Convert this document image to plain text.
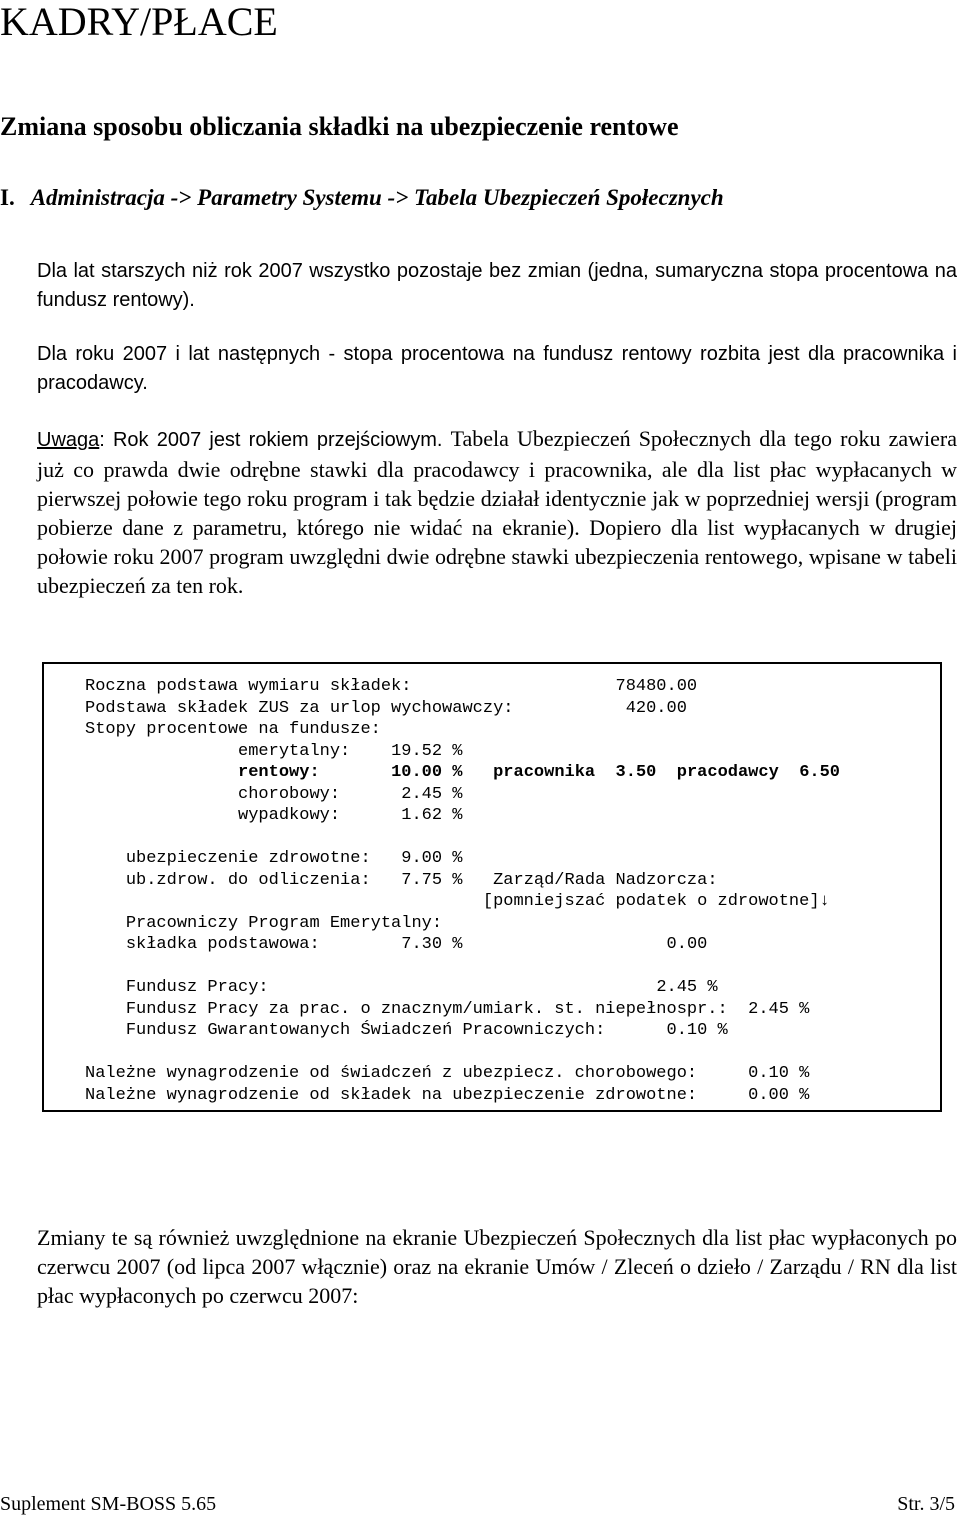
KADRY/PŁACE
Zmiana sposobu obliczania składki na ubezpieczenie rentowe
I. Administracja -> Parametry Systemu -> Tabela Ubezpieczeń Społecznych
Dla lat starszych niż rok 2007 wszystko pozostaje bez zmian (jedna, sumaryczna stopa procentowa na fundusz rentowy).
Dla roku 2007 i lat następnych - stopa procentowa na fundusz rentowy rozbita jest dla pracownika i pracodawcy.
Uwaga: Rok 2007 jest rokiem przejściowym. Tabela Ubezpieczeń Społecznych dla tego roku zawiera już co prawda dwie odrębne stawki dla pracodawcy i pracownika, ale dla list płac wypłacanych w pierwszej połowie tego roku program i tak będzie działał identycznie jak w poprzedniej wersji (program pobierze dane z parametru, którego nie widać na ekranie). Dopiero dla list wypłacanych w drugiej połowie roku 2007 program uwzględni dwie odrębne stawki ubezpieczenia rentowego, wpisane w tabeli ubezpieczeń za ten rok.
Roczna podstawa wymiaru składek:	78480.00
Podstawa składek ZUS za urlop wychowawczy:	420.00
Stopy procentowe na fundusze:
emerytalny: 19.52 %
rentowy:	10.00 % pracownika 3.50 pracodawcy 6.50
chorobowy:	2.45 %
wypadkowy:	1.62 %

ubezpieczenie zdrowotne: 9.00 %
ub.zdrow. do odliczenia: 7.75 % Zarząd/Rada Nadzorcza:
[pomniejszać podatek o zdrowotne]↓
Pracowniczy Program Emerytalny:
składka podstawowa:	7.30 %	0.00

Fundusz Pracy:	2.45 %
Fundusz Pracy za prac. o znacznym/umiark. st. niepełnospr.: 2.45 %
Fundusz Gwarantowanych Świadczeń Pracowniczych:	0.10 %

Należne wynagrodzenie od świadczeń z ubezpiecz. chorobowego:	0.10 %
Należne wynagrodzenie od składek na ubezpieczenie zdrowotne:	0.00 %
Zmiany te są również uwzględnione na ekranie Ubezpieczeń Społecznych dla list płac wypłaconych po czerwcu 2007 (od lipca 2007 włącznie) oraz na ekranie Umów / Zleceń o dzieło / Zarządu / RN dla list płac wypłaconych po czerwcu 2007:
Suplement SM-BOSS 5.65	Str. 3/5
